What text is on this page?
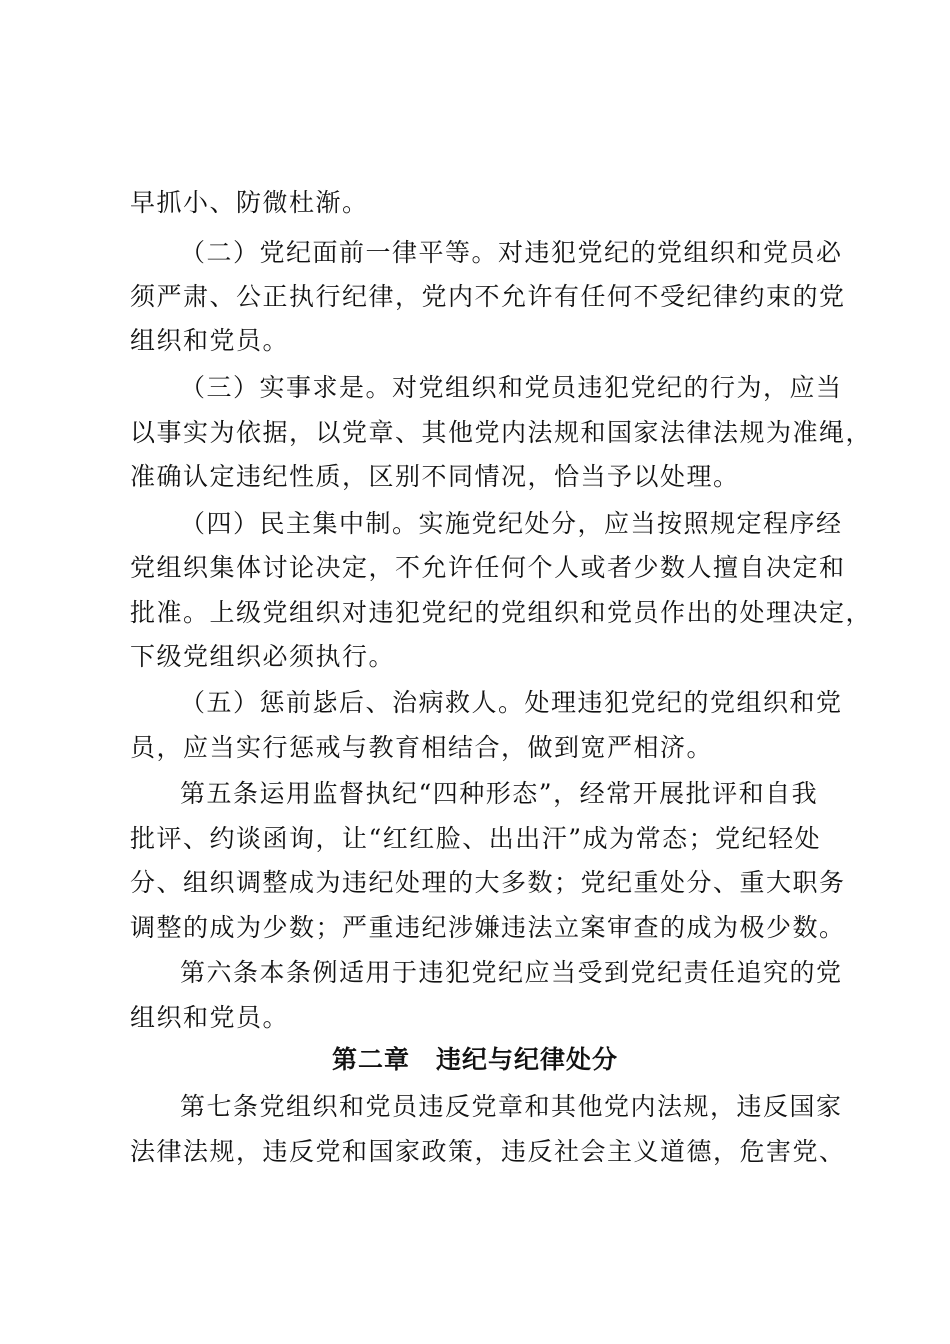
早抓小、防微杜渐。
（二）党纪面前一律平等。对违犯党纪的党组织和党员必
须严肃、公正执行纪律，党内不允许有任何不受纪律约束的党
组织和党员。
（三）实事求是。对党组织和党员违犯党纪的行为，应当
以事实为依据，以党章、其他党内法规和国家法律法规为准绳，
准确认定违纪性质，区别不同情况，恰当予以处理。
（四）民主集中制。实施党纪处分，应当按照规定程序经
党组织集体讨论决定，不允许任何个人或者少数人擅自决定和
批准。上级党组织对违犯党纪的党组织和党员作出的处理决定，
下级党组织必须执行。
（五）惩前毖后、治病救人。处理违犯党纪的党组织和党
员，应当实行惩戒与教育相结合，做到宽严相济。
第五条运用监督执纪“四种形态”，经常开展批评和自我
批评、约谈函询，让“红红脸、出出汗”成为常态；党纪轻处
分、组织调整成为违纪处理的大多数；党纪重处分、重大职务
调整的成为少数；严重违纪涉嫌违法立案审查的成为极少数。
第六条本条例适用于违犯党纪应当受到党纪责任追究的党
组织和党员。
第二章　违纪与纪律处分
第七条党组织和党员违反党章和其他党内法规，违反国家
法律法规，违反党和国家政策，违反社会主义道德，危害党、
